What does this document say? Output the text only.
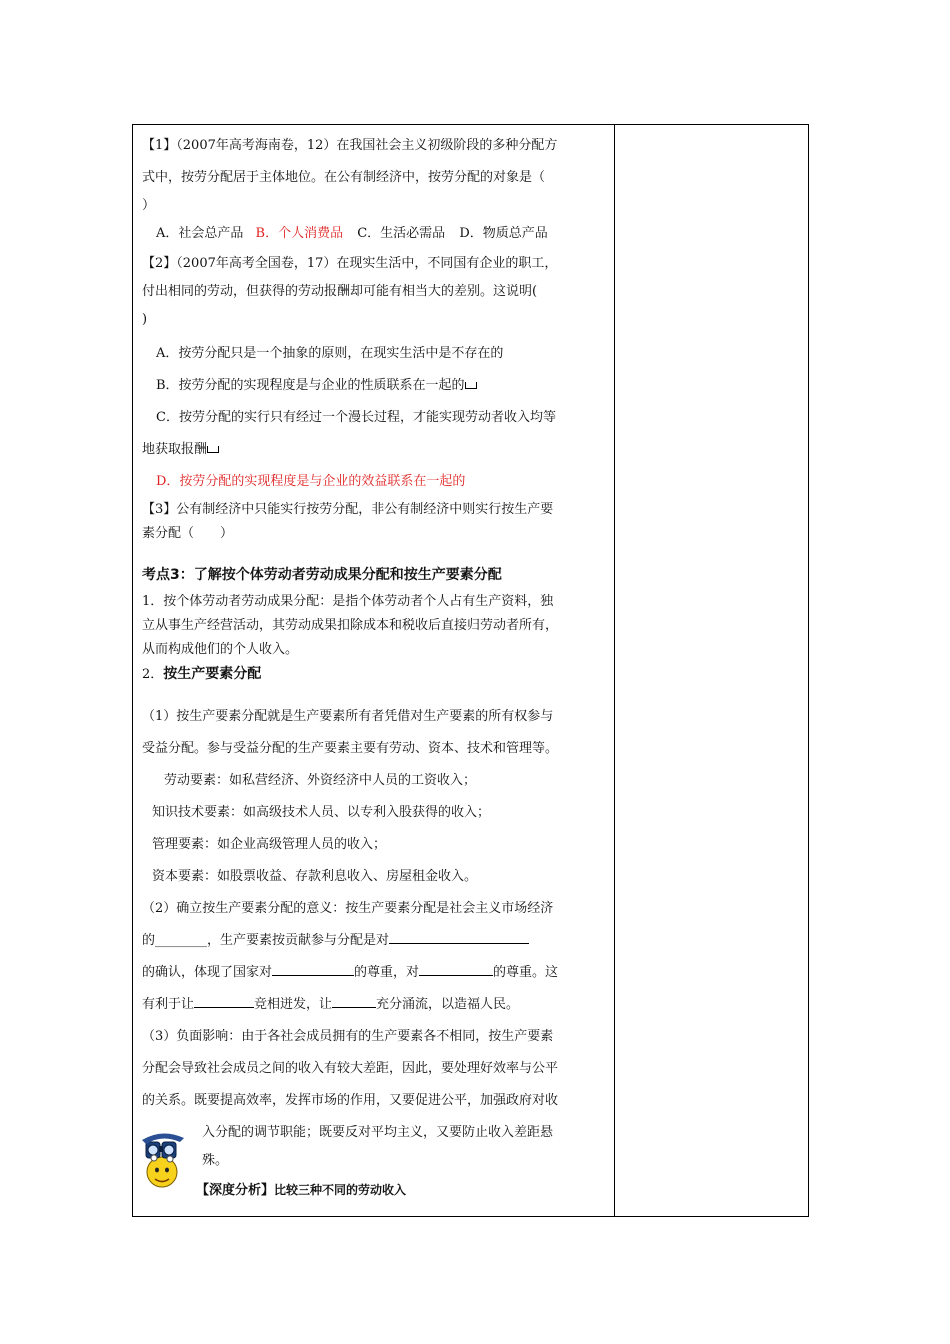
【1】（2007年高考海南卷，12）在我国社会主义初级阶段的多种分配方

式中，按劳分配居于主体地位。在公有制经济中，按劳分配的对象是（

）

A．社会总产品 B．个人消费品 C．生活必需品 D．物质总产品

【2】（2007年高考全国卷，17）在现实生活中，不同国有企业的职工，

付出相同的劳动，但获得的劳动报酬却可能有相当大的差别。这说明(

)

A．按劳分配只是一个抽象的原则，在现实生活中是不存在的

B．按劳分配的实现程度是与企业的性质联系在一起的

C．按劳分配的实行只有经过一个漫长过程，才能实现劳动者收入均等

地获取报酬

D．按劳分配的实现程度是与企业的效益联系在一起的

【3】公有制经济中只能实行按劳分配，非公有制经济中则实行按生产要

素分配（　　）

考点3：了解按个体劳动者劳动成果分配和按生产要素分配

1．按个体劳动者劳动成果分配：是指个体劳动者个人占有生产资料，独

立从事生产经营活动，其劳动成果扣除成本和税收后直接归劳动者所有，

从而构成他们的个人收入。

2．按生产要素分配

（1）按生产要素分配就是生产要素所有者凭借对生产要素的所有权参与

受益分配。参与受益分配的生产要素主要有劳动、资本、技术和管理等。

劳动要素：如私营经济、外资经济中人员的工资收入；

知识技术要素：如高级技术人员、以专利入股获得的收入；

管理要素：如企业高级管理人员的收入；

资本要素：如股票收益、存款利息收入、房屋租金收入。

（2）确立按生产要素分配的意义：按生产要素分配是社会主义市场经济

的________，生产要素按贡献参与分配是对

的确认，体现了国家对	的尊重，对	的尊重。这

有利于让	竞相迸发，让	充分涌流，以造福人民。

（3）负面影响：由于各社会成员拥有的生产要素各不相同，按生产要素

分配会导致社会成员之间的收入有较大差距，因此，要处理好效率与公平

的关系。既要提高效率，发挥市场的作用，又要促进公平，加强政府对收

入分配的调节职能；既要反对平均主义，又要防止收入差距悬

殊。

【深度分析】比较三种不同的劳动收入
